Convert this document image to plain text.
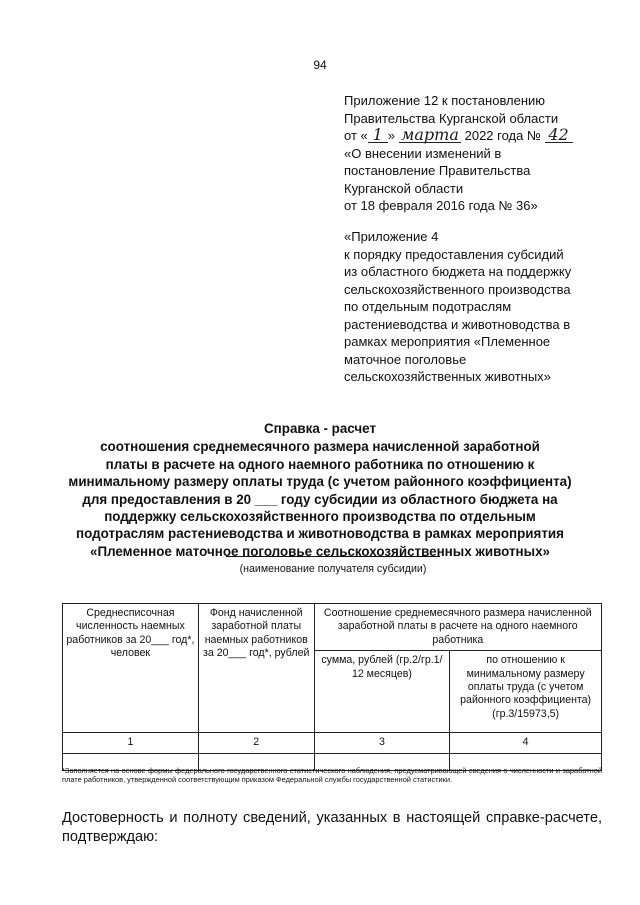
94
Приложение 12 к постановлению
Правительства Курганской области
от « 1 » марта 2022 года № 42
«О внесении изменений в
постановление Правительства
Курганской области
от 18 февраля 2016 года № 36»
«Приложение 4
к порядку предоставления субсидий
из областного бюджета на поддержку
сельскохозяйственного производства
по отдельным подотраслям
растениеводства и животноводства в
рамках мероприятия «Племенное
маточное поголовье
сельскохозяйственных животных»
Справка - расчет
соотношения среднемесячного размера начисленной заработной
платы в расчете на одного наемного работника по отношению к
минимальному размеру оплаты труда (с учетом районного коэффициента)
для предоставления в 20 ___ году субсидии из областного бюджета на
поддержку сельскохозяйственного производства по отдельным
подотраслям растениеводства и животноводства в рамках мероприятия
«Племенное маточное поголовье сельскохозяйственных животных»
(наименование получателя субсидии)
Среднесписочная численность наемных работников за 20___ год*, человек	Фонд начисленной заработной платы наемных работников за 20___ год*, рублей	Соотношение среднемесячного размера начисленной заработной платы в расчете на одного наемного работника	
		сумма, рублей (гр.2/гр.1/ 12 месяцев)	по отношению к минимальному размеру оплаты труда (с учетом районного коэффициента) (гр.3/15973,5)
1	2	3	4

*Заполняется на основе формы федерального государственного статистического наблюдения, предусматривающей сведения о численности и заработной плате работников, утвержденной соответствующим приказом Федеральной службы государственной статистики.
Достоверность и полноту сведений, указанных в настоящей справке-расчете, подтверждаю:
